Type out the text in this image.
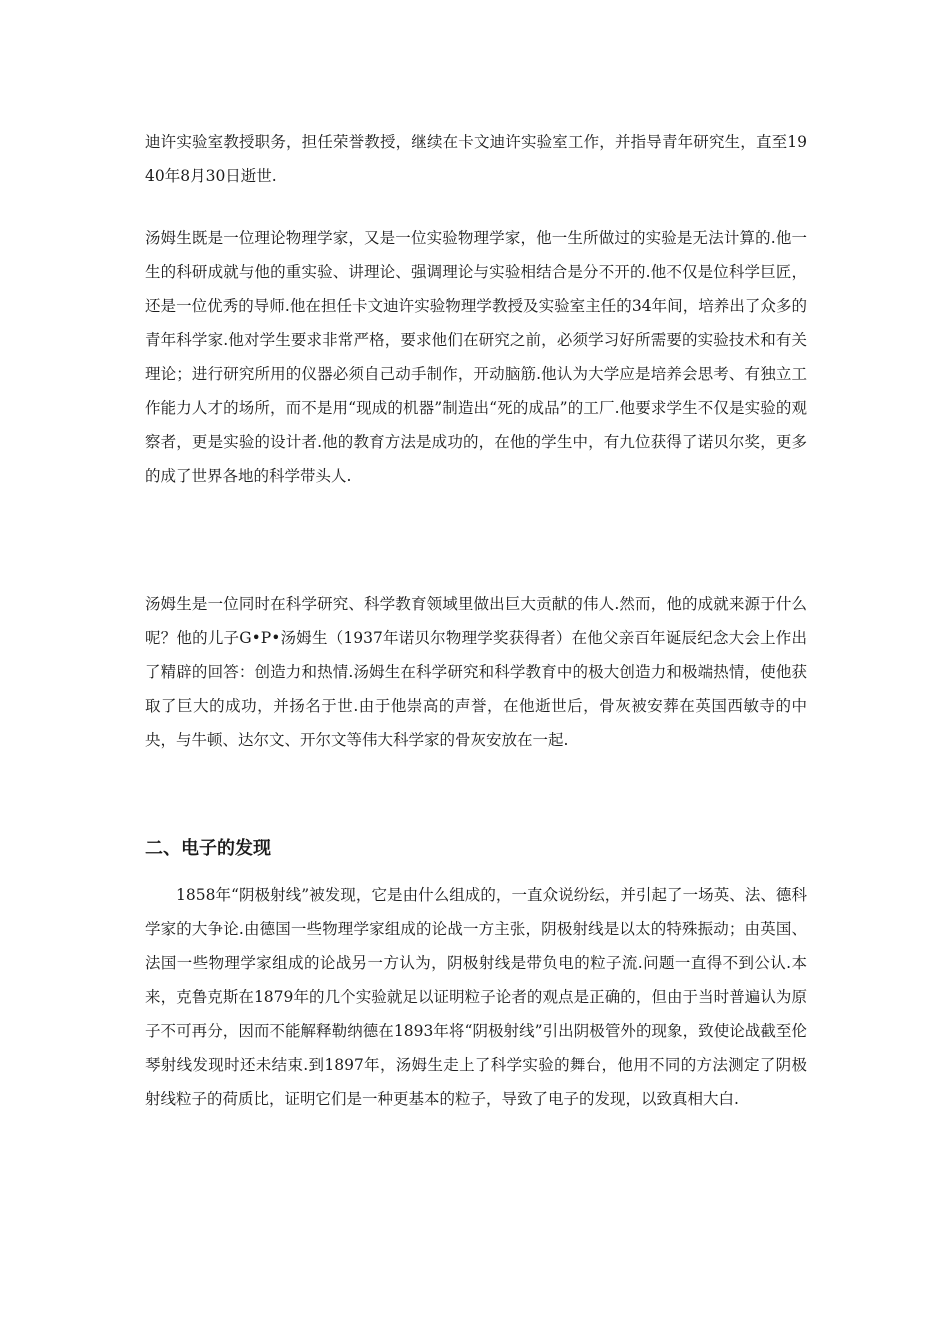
迪许实验室教授职务，担任荣誉教授，继续在卡文迪许实验室工作，并指导青年研究生，直至1940年8月30日逝世.

汤姆生既是一位理论物理学家，又是一位实验物理学家，他一生所做过的实验是无法计算的.他一生的科研成就与他的重实验、讲理论、强调理论与实验相结合是分不开的.他不仅是位科学巨匠，还是一位优秀的导师.他在担任卡文迪许实验物理学教授及实验室主任的34年间，培养出了众多的青年科学家.他对学生要求非常严格，要求他们在研究之前，必须学习好所需要的实验技术和有关理论；进行研究所用的仪器必须自己动手制作，开动脑筋.他认为大学应是培养会思考、有独立工作能力人才的场所，而不是用“现成的机器”制造出“死的成品”的工厂.他要求学生不仅是实验的观察者，更是实验的设计者.他的教育方法是成功的，在他的学生中，有九位获得了诺贝尔奖，更多的成了世界各地的科学带头人.

汤姆生是一位同时在科学研究、科学教育领域里做出巨大贡献的伟人.然而，他的成就来源于什么呢？他的儿子G•P•汤姆生（1937年诺贝尔物理学奖获得者）在他父亲百年诞辰纪念大会上作出了精辟的回答：创造力和热情.汤姆生在科学研究和科学教育中的极大创造力和极端热情，使他获取了巨大的成功，并扬名于世.由于他崇高的声誉，在他逝世后，骨灰被安葬在英国西敏寺的中央，与牛顿、达尔文、开尔文等伟大科学家的骨灰安放在一起.

二、电子的发现

1858年“阴极射线”被发现，它是由什么组成的，一直众说纷纭，并引起了一场英、法、德科学家的大争论.由德国一些物理学家组成的论战一方主张，阴极射线是以太的特殊振动；由英国、法国一些物理学家组成的论战另一方认为，阴极射线是带负电的粒子流.问题一直得不到公认.本来，克鲁克斯在1879年的几个实验就足以证明粒子论者的观点是正确的，但由于当时普遍认为原子不可再分，因而不能解释勒纳德在1893年将“阴极射线”引出阴极管外的现象，致使论战截至伦琴射线发现时还未结束.到1897年，汤姆生走上了科学实验的舞台，他用不同的方法测定了阴极射线粒子的荷质比，证明它们是一种更基本的粒子，导致了电子的发现，以致真相大白.
